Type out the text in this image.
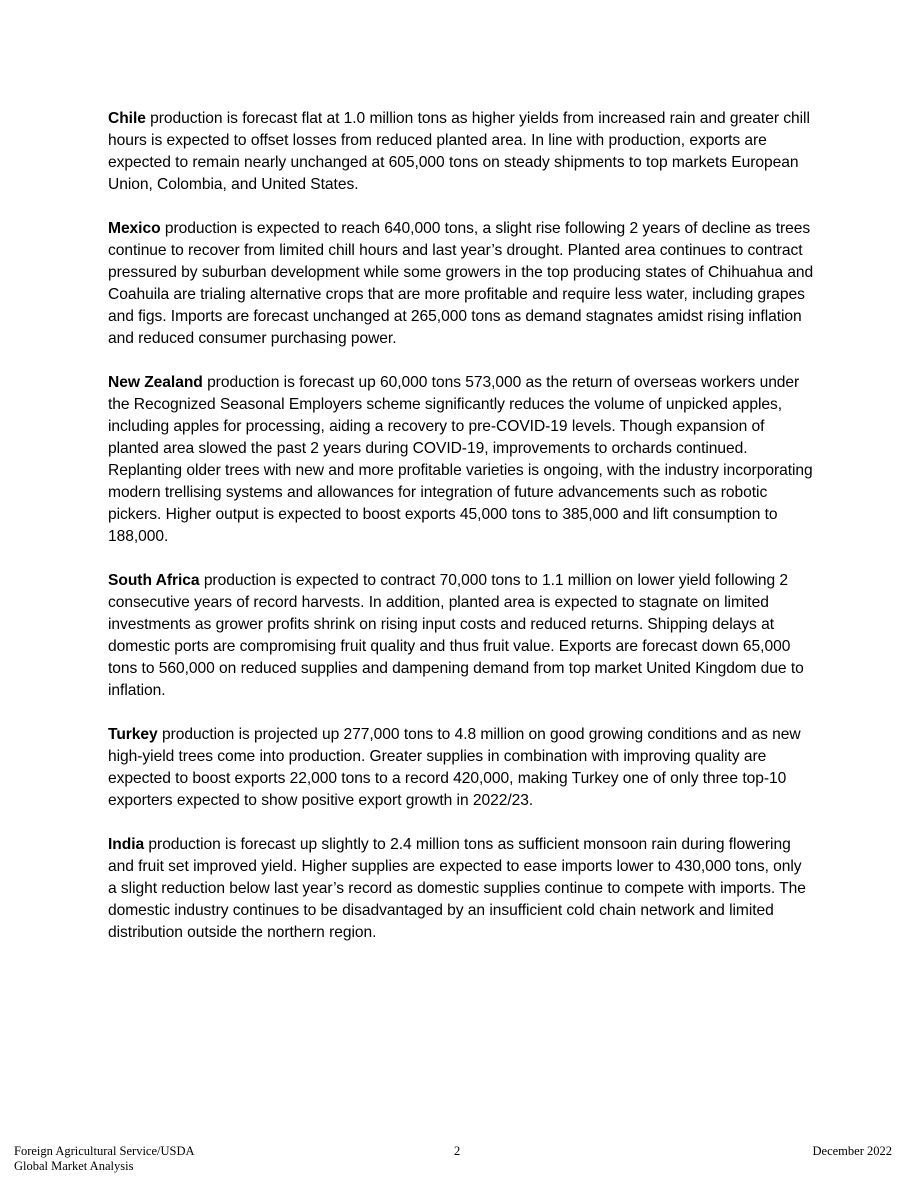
Chile production is forecast flat at 1.0 million tons as higher yields from increased rain and greater chill hours is expected to offset losses from reduced planted area. In line with production, exports are expected to remain nearly unchanged at 605,000 tons on steady shipments to top markets European Union, Colombia, and United States.

Mexico production is expected to reach 640,000 tons, a slight rise following 2 years of decline as trees continue to recover from limited chill hours and last year’s drought. Planted area continues to contract pressured by suburban development while some growers in the top producing states of Chihuahua and Coahuila are trialing alternative crops that are more profitable and require less water, including grapes and figs. Imports are forecast unchanged at 265,000 tons as demand stagnates amidst rising inflation and reduced consumer purchasing power.

New Zealand production is forecast up 60,000 tons 573,000 as the return of overseas workers under the Recognized Seasonal Employers scheme significantly reduces the volume of unpicked apples, including apples for processing, aiding a recovery to pre-COVID-19 levels. Though expansion of planted area slowed the past 2 years during COVID-19, improvements to orchards continued. Replanting older trees with new and more profitable varieties is ongoing, with the industry incorporating modern trellising systems and allowances for integration of future advancements such as robotic pickers. Higher output is expected to boost exports 45,000 tons to 385,000 and lift consumption to 188,000.

South Africa production is expected to contract 70,000 tons to 1.1 million on lower yield following 2 consecutive years of record harvests. In addition, planted area is expected to stagnate on limited investments as grower profits shrink on rising input costs and reduced returns. Shipping delays at domestic ports are compromising fruit quality and thus fruit value. Exports are forecast down 65,000 tons to 560,000 on reduced supplies and dampening demand from top market United Kingdom due to inflation.

Turkey production is projected up 277,000 tons to 4.8 million on good growing conditions and as new high-yield trees come into production. Greater supplies in combination with improving quality are expected to boost exports 22,000 tons to a record 420,000, making Turkey one of only three top-10 exporters expected to show positive export growth in 2022/23.

India production is forecast up slightly to 2.4 million tons as sufficient monsoon rain during flowering and fruit set improved yield. Higher supplies are expected to ease imports lower to 430,000 tons, only a slight reduction below last year’s record as domestic supplies continue to compete with imports. The domestic industry continues to be disadvantaged by an insufficient cold chain network and limited distribution outside the northern region.

Foreign Agricultural Service/USDA
Global Market Analysis
2	December 2022
